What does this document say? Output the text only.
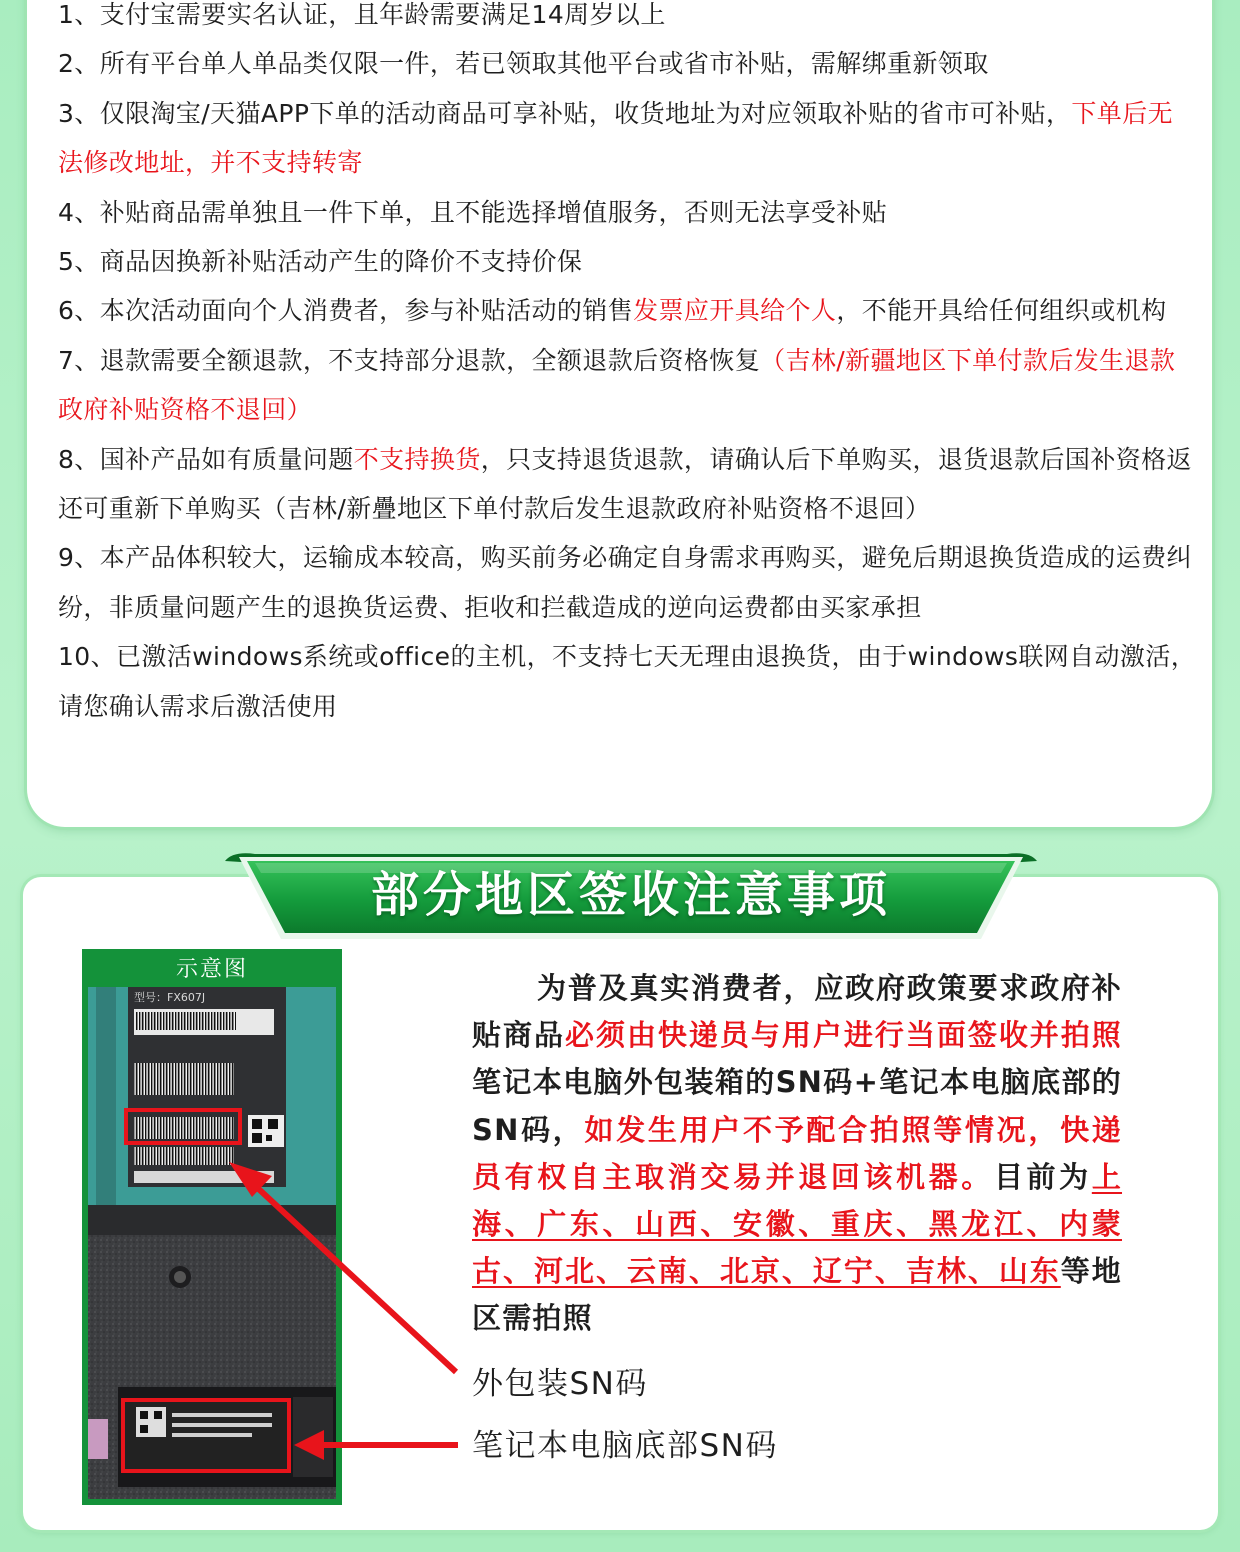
1、支付宝需要实名认证，且年龄需要满足14周岁以上
2、所有平台单人单品类仅限一件，若已领取其他平台或省市补贴，需解绑重新领取
3、仅限淘宝/天猫APP下单的活动商品可享补贴，收货地址为对应领取补贴的省市可补贴，下单后无法修改地址，并不支持转寄
4、补贴商品需单独且一件下单，且不能选择增值服务，否则无法享受补贴
5、商品因换新补贴活动产生的降价不支持价保
6、本次活动面向个人消费者，参与补贴活动的销售发票应开具给个人，不能开具给任何组织或机构
7、退款需要全额退款，不支持部分退款，全额退款后资格恢复（吉林/新疆地区下单付款后发生退款政府补贴资格不退回）
8、国补产品如有质量问题不支持换货，只支持退货退款，请确认后下单购买，退货退款后国补资格返还可重新下单购买（吉林/新疊地区下单付款后发生退款政府补贴资格不退回）
9、本产品体积较大，运输成本较高，购买前务必确定自身需求再购买，避免后期退换货造成的运费纠纷，非质量问题产生的退换货运费、拒收和拦截造成的逆向运费都由买家承担
10、已激活windows系统或office的主机，不支持七天无理由退换货，由于windows联网自动激活，请您确认需求后激活使用
部分地区签收注意事项
示意图
型号：FX607J	为普及真实消费者，应政府政策要求政府补贴商品必须由快递员与用户进行当面签收并拍照笔记本电脑外包装箱的SN码+笔记本电脑底部的SN码，如发生用户不予配合拍照等情况，快递员有权自主取消交易并退回该机器。目前为上海、广东、山西、安徽、重庆、黑龙江、内蒙古、河北、云南、北京、辽宁、吉林、山东等地区需拍照

外包装SN码
笔记本电脑底部SN码
